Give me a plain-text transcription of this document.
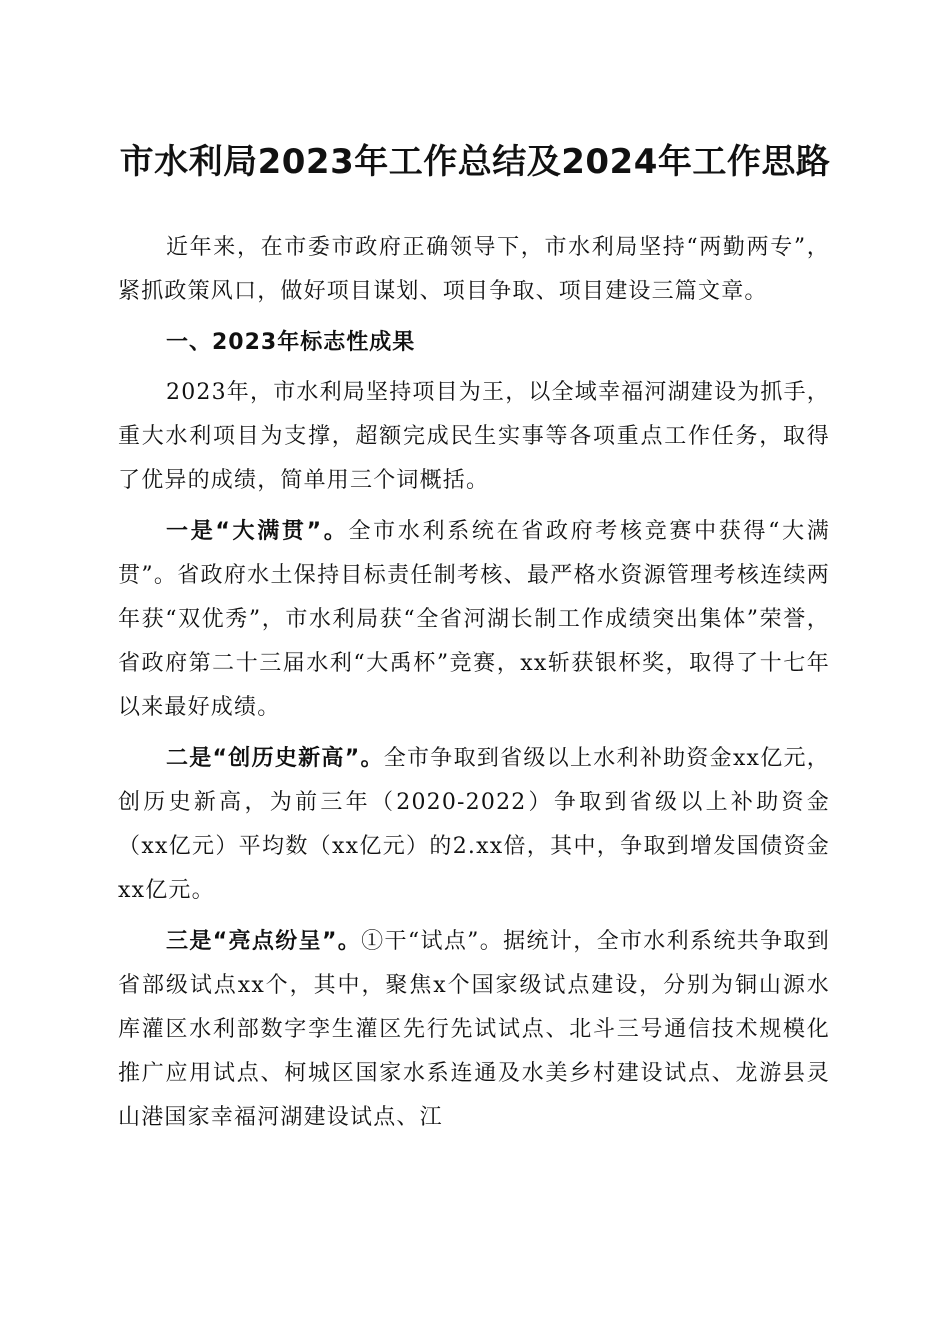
市水利局2023年工作总结及2024年工作思路

近年来，在市委市政府正确领导下，市水利局坚持“两勤两专”，紧抓政策风口，做好项目谋划、项目争取、项目建设三篇文章。

一、2023年标志性成果

2023年，市水利局坚持项目为王，以全域幸福河湖建设为抓手，重大水利项目为支撑，超额完成民生实事等各项重点工作任务，取得了优异的成绩，简单用三个词概括。

一是“大满贯”。全市水利系统在省政府考核竞赛中获得“大满贯”。省政府水土保持目标责任制考核、最严格水资源管理考核连续两年获“双优秀”，市水利局获“全省河湖长制工作成绩突出集体”荣誉，省政府第二十三届水利“大禹杯”竞赛，xx斩获银杯奖，取得了十七年以来最好成绩。

二是“创历史新高”。全市争取到省级以上水利补助资金xx亿元，创历史新高，为前三年（2020-2022）争取到省级以上补助资金（xx亿元）平均数（xx亿元）的2.xx倍，其中，争取到增发国债资金xx亿元。

三是“亮点纷呈”。①干“试点”。据统计，全市水利系统共争取到省部级试点xx个，其中，聚焦x个国家级试点建设，分别为铜山源水库灌区水利部数字孪生灌区先行先试试点、北斗三号通信技术规模化推广应用试点、柯城区国家水系连通及水美乡村建设试点、龙游县灵山港国家幸福河湖建设试点、江
